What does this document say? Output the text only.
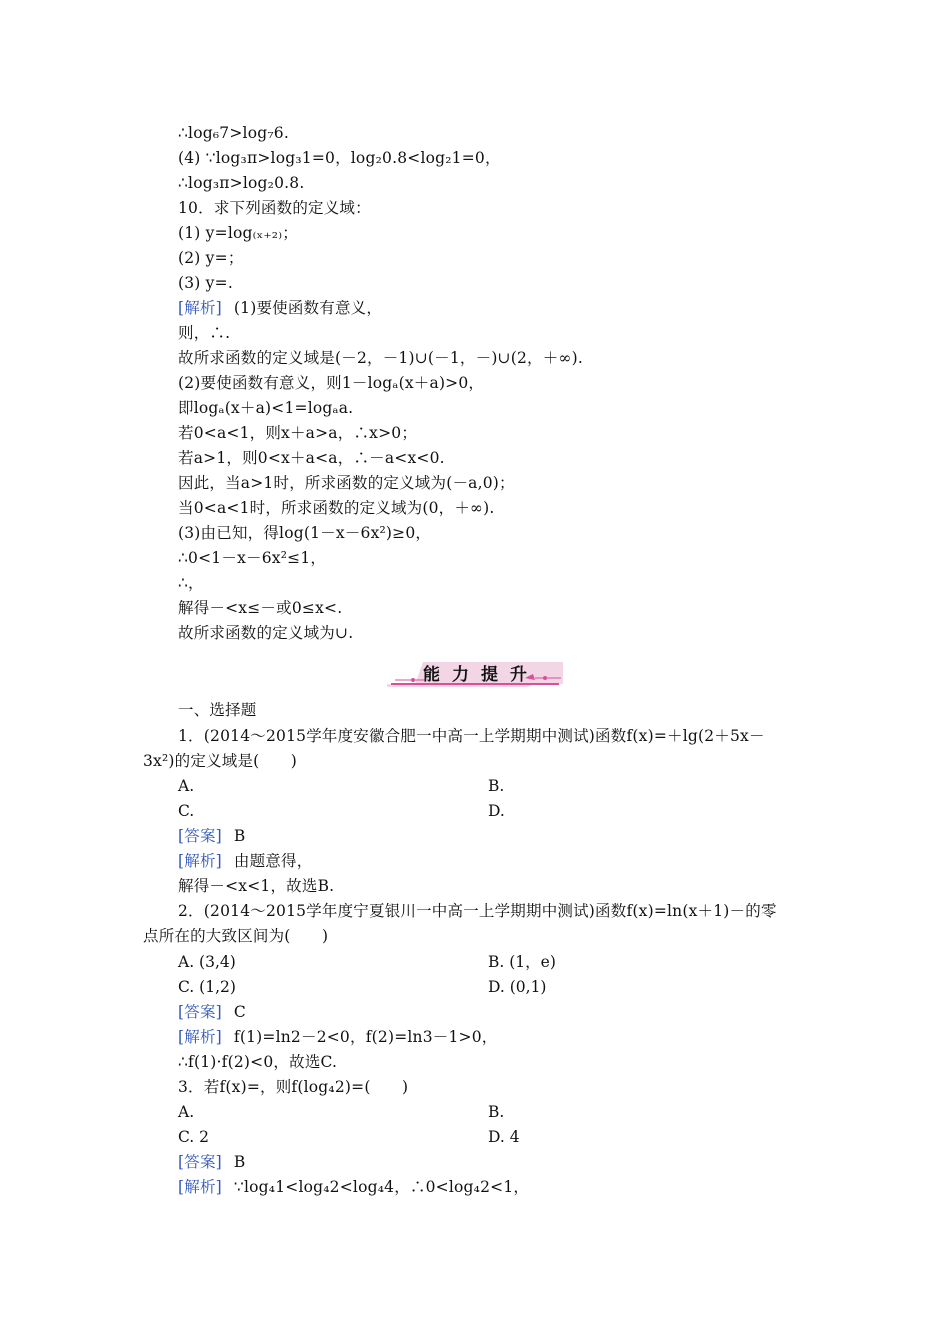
∴log₆7>log₇6.
(4) ∵log₃π>log₃1=0，log₂0.8<log₂1=0，
∴log₃π>log₂0.8.
10．求下列函数的定义域：
(1) y=log₍ₓ₊₂₎；
(2) y=；
(3) y=.
[解析] (1)要使函数有意义，
则，∴.
故所求函数的定义域是(－2，－1)∪(－1，－)∪(2，＋∞).
(2)要使函数有意义，则1－logₐ(x＋a)>0，
即logₐ(x＋a)<1=logₐa.
若0<a<1，则x＋a>a，∴x>0；
若a>1，则0<x＋a<a，∴－a<x<0.
因此，当a>1时，所求函数的定义域为(－a,0)；
当0<a<1时，所求函数的定义域为(0，＋∞).
(3)由已知，得log(1－x－6x²)≥0，
∴0<1－x－6x²≤1，
∴，
解得－<x≤－或0≤x<.
故所求函数的定义域为∪.
能力提升
一、选择题
1．(2014～2015学年度安徽合肥一中高一上学期期中测试)函数f(x)=＋lg(2＋5x－
3x²)的定义域是(　　)
A.	B.
C.	D.
[答案] B
[解析] 由题意得，
解得－<x<1，故选B.
2．(2014～2015学年度宁夏银川一中高一上学期期中测试)函数f(x)=ln(x＋1)－的零
点所在的大致区间为(　　)
A. (3,4)	B. (1，e)
C. (1,2)	D. (0,1)
[答案] C
[解析] f(1)=ln2－2<0，f(2)=ln3－1>0，
∴f(1)·f(2)<0，故选C.
3．若f(x)=，则f(log₄2)=(　　)
A.	B.
C. 2	D. 4
[答案] B
[解析] ∵log₄1<log₄2<log₄4，∴0<log₄2<1，
